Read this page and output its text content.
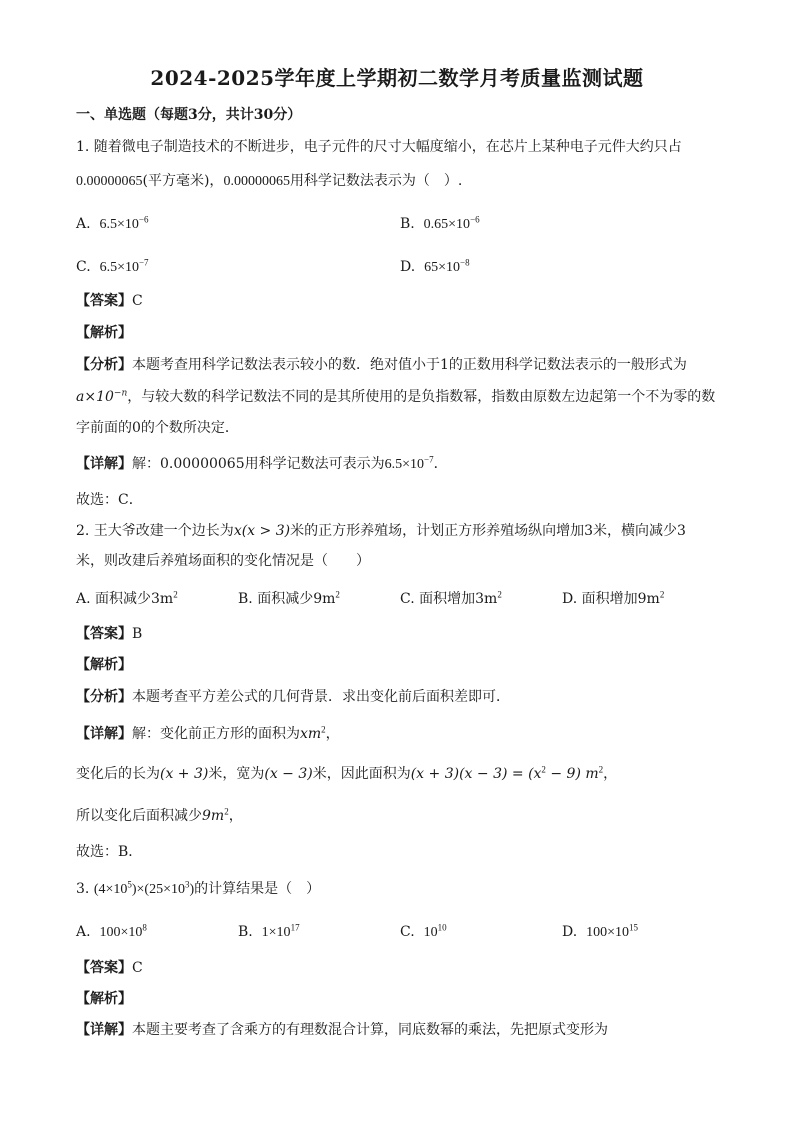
2024-2025学年度上学期初二数学月考质量监测试题
一、单选题（每题3分，共计30分）
1. 随着微电子制造技术的不断进步，电子元件的尺寸大幅度缩小，在芯片上某种电子元件大约只占
0.00000065(平方毫米)，0.00000065用科学记数法表示为（　）.
A. $6.5\times 10^{-6}$	B. $0.65\times 10^{-6}$
C. $6.5\times 10^{-7}$	D. $65\times 10^{-8}$
【答案】C
【解析】
【分析】本题考查用科学记数法表示较小的数．绝对值小于1的正数用科学记数法表示的一般形式为
$a\times 10^{-n}$，与较大数的科学记数法不同的是其所使用的是负指数幂，指数由原数左边起第一个不为零的数
字前面的0的个数所决定．
【详解】解：0.00000065用科学记数法可表示为$6.5\times 10^{-7}$．
故选：C．
2. 王大爷改建一个边长为x(x > 3)米的正方形养殖场，计划正方形养殖场纵向增加3米，横向减少3
米，则改建后养殖场面积的变化情况是（　　）
A. 面积减少$3m^2$	B. 面积减少$9m^2$	C. 面积增加$3m^2$	D. 面积增加$9m^2$
【答案】B
【解析】
【分析】本题考查平方差公式的几何背景．求出变化前后面积差即可．
【详解】解：变化前正方形的面积为$xm^2$，
变化后的长为(x + 3)米，宽为(x − 3)米，因此面积为$(x + 3)(x - 3) = (x^2 - 9)$ $m^2$，
所以变化后面积减少$9m^2$，
故选：B．
3. $(4\times 10^5)\times(25\times 10^3)$的计算结果是（　）
A. $100\times 10^8$	B. $1\times 10^{17}$	C. $10^{10}$	D. $100\times 10^{15}$
【答案】C
【解析】
【详解】本题主要考查了含乘方的有理数混合计算，同底数幂的乘法，先把原式变形为
